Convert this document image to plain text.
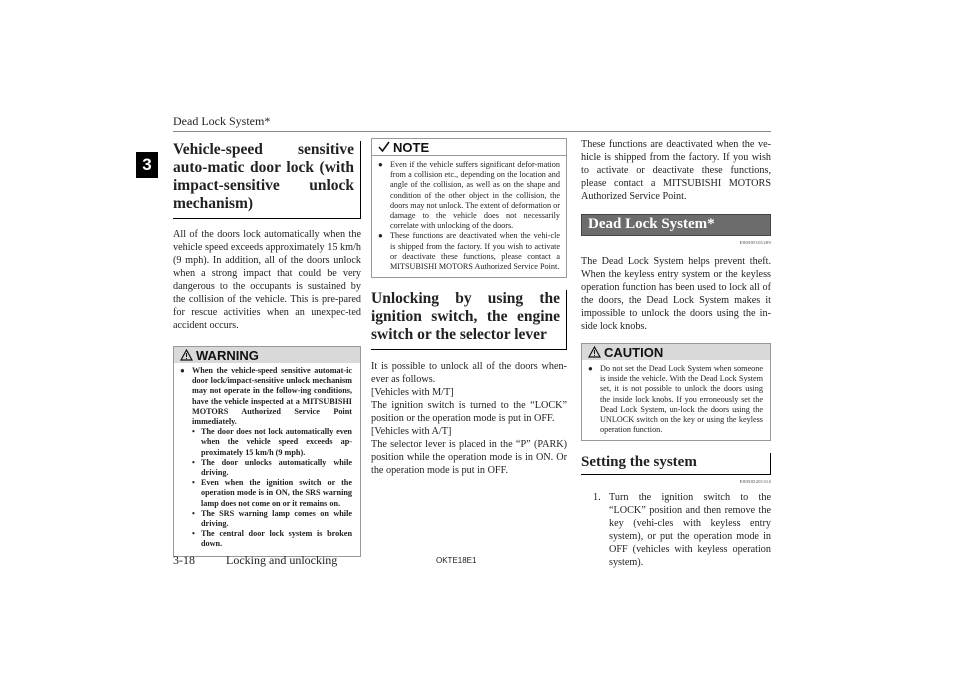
Dead Lock System*
3
Vehicle-speed sensitive auto-matic door lock (with impact-sensitive unlock mechanism)

All of the doors lock automatically when the vehicle speed exceeds approximately 15 km/h (9 mph). In addition, all of the doors unlock when a strong impact that could be very dangerous to the occupants is sustained by the collision of the vehicle. This is pre-pared for rescue activities when an unexpec-ted accident occurs.

WARNING
● When the vehicle-speed sensitive automat-ic door lock/impact-sensitive unlock mechanism may not operate in the follow-ing conditions, have the vehicle inspected at a MITSUBISHI MOTORS Authorized Service Point immediately.
• The door does not lock automatically even when the vehicle speed exceeds ap-proximately 15 km/h (9 mph).
• The door unlocks automatically while driving.
• Even when the ignition switch or the operation mode is in ON, the SRS warning lamp does not come on or it remains on.
• The SRS warning lamp comes on while driving.
• The central door lock system is broken down.
NOTE
● Even if the vehicle suffers significant defor-mation from a collision etc., depending on the location and angle of the collision, as well as on the shape and condition of the other object in the collision, the doors may not unlock. The extent of deformation or damage to the vehicle does not necessarily correlate with unlocking of the doors.
● These functions are deactivated when the vehi-cle is shipped from the factory. If you wish to activate or deactivate these functions, please contact a MITSUBISHI MOTORS Authorized Service Point.
Unlocking by using the ignition switch, the engine switch or the selector lever

It is possible to unlock all of the doors when-ever as follows.

[Vehicles with M/T]

The ignition switch is turned to the “LOCK” position or the operation mode is put in OFF.

[Vehicles with A/T]

The selector lever is placed in the “P” (PARK) position while the operation mode is in ON. Or the operation mode is put in OFF.

These functions are deactivated when the ve-hicle is shipped from the factory. If you wish to activate or deactivate these functions, please contact a MITSUBISHI MOTORS Authorized Service Point.

Dead Lock System*
E00505101209

The Dead Lock System helps prevent theft. When the keyless entry system or the keyless operation function has been used to lock all of the doors, the Dead Lock System makes it impossible to unlock the doors using the in-side lock knobs.

CAUTION
● Do not set the Dead Lock System when someone is inside the vehicle. With the Dead Lock System set, it is not possible to unlock the doors using the inside lock knobs. If you erroneously set the Dead Lock System, un-lock the doors using the UNLOCK switch on the key or using the keyless operation function.
Setting the system
E00505201314
1. Turn the ignition switch to the “LOCK” position and then remove the key (vehi-cles with keyless entry system), or put the operation mode in OFF (vehicles with keyless operation system).
3-18	Locking and unlocking	OKTE18E1
